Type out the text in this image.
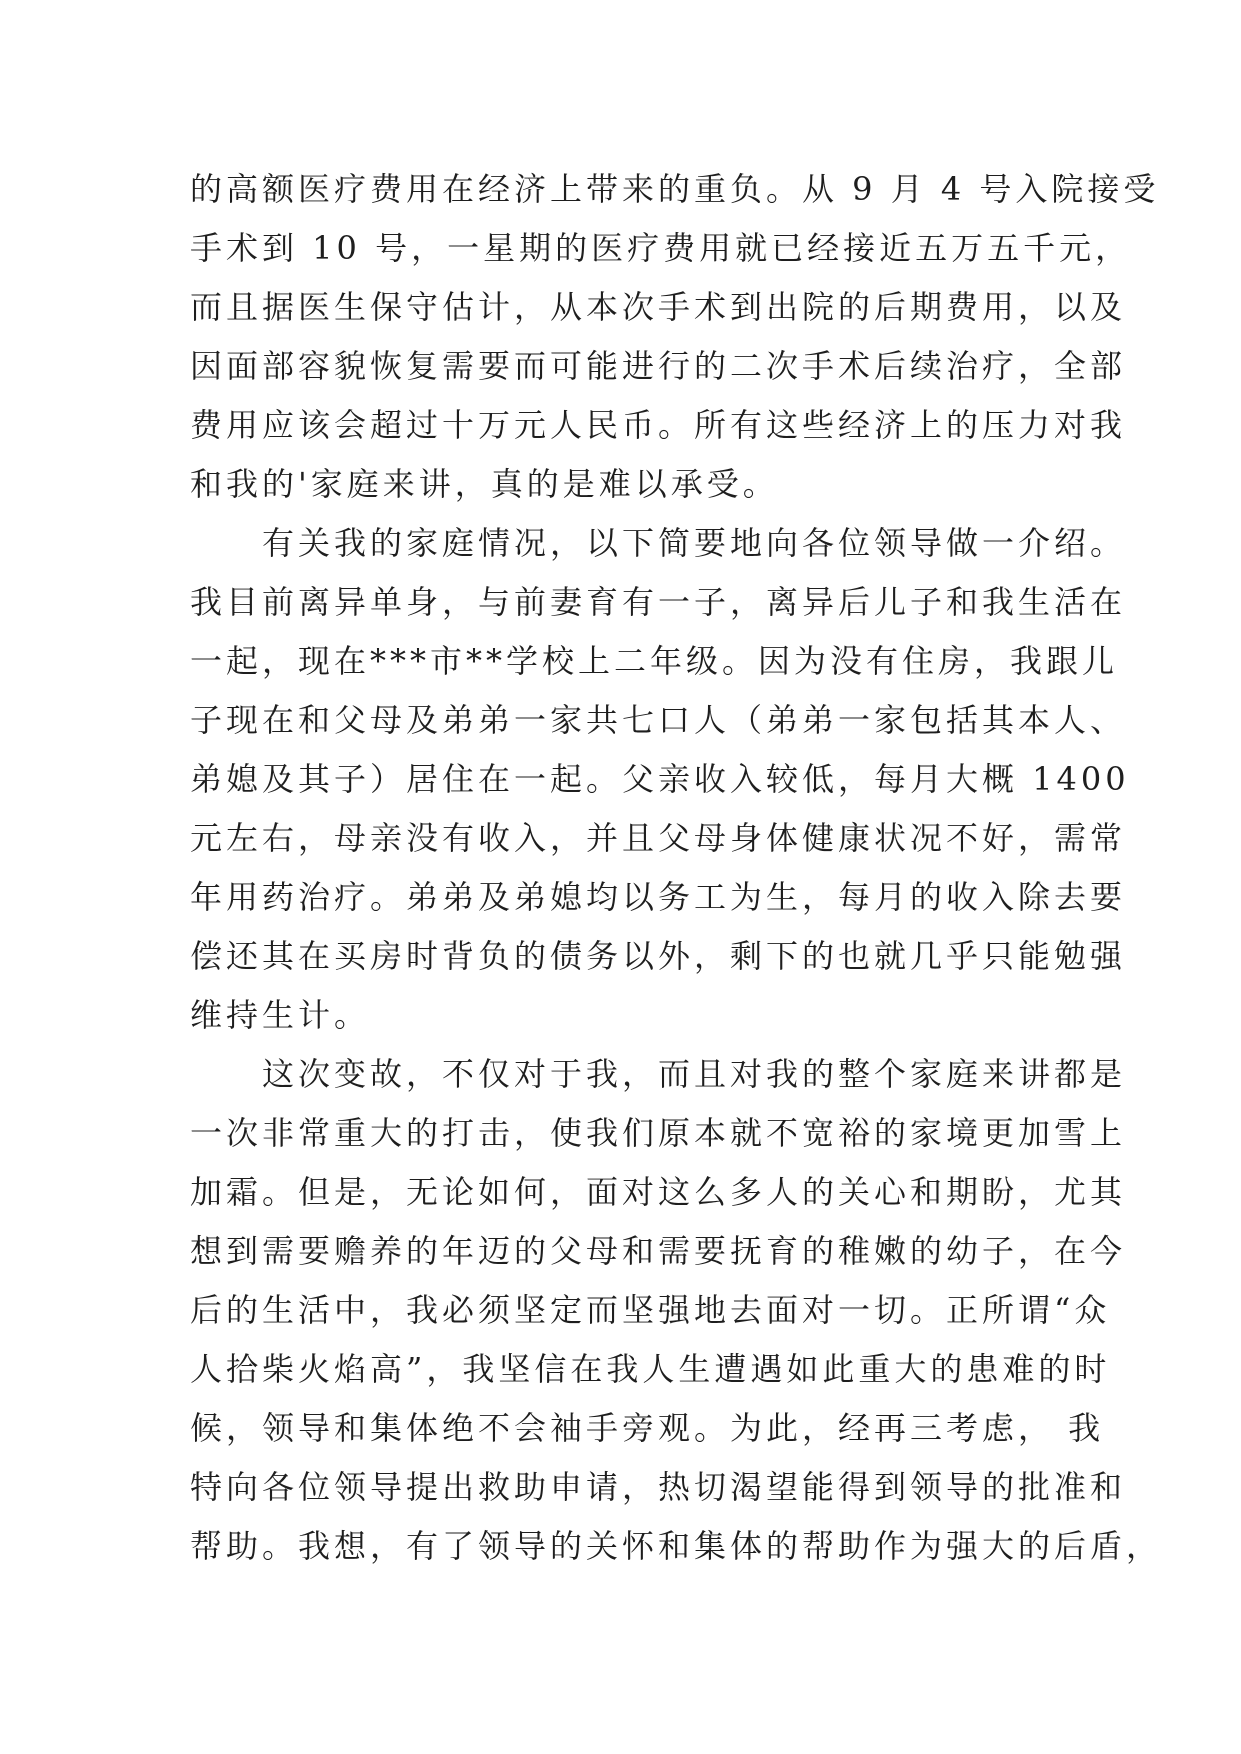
的高额医疗费用在经济上带来的重负。从 9 月 4 号入院接受
手术到 10 号，一星期的医疗费用就已经接近五万五千元，
而且据医生保守估计，从本次手术到出院的后期费用，以及
因面部容貌恢复需要而可能进行的二次手术后续治疗，全部
费用应该会超过十万元人民币。所有这些经济上的压力对我
和我的'家庭来讲，真的是难以承受。
　　有关我的家庭情况，以下简要地向各位领导做一介绍。
我目前离异单身，与前妻育有一子，离异后儿子和我生活在
一起，现在***市**学校上二年级。因为没有住房，我跟儿
子现在和父母及弟弟一家共七口人（弟弟一家包括其本人、
弟媳及其子）居住在一起。父亲收入较低，每月大概 1400
元左右，母亲没有收入，并且父母身体健康状况不好，需常
年用药治疗。弟弟及弟媳均以务工为生，每月的收入除去要
偿还其在买房时背负的债务以外，剩下的也就几乎只能勉强
维持生计。
　　这次变故，不仅对于我，而且对我的整个家庭来讲都是
一次非常重大的打击，使我们原本就不宽裕的家境更加雪上
加霜。但是，无论如何，面对这么多人的关心和期盼，尤其
想到需要赡养的年迈的父母和需要抚育的稚嫩的幼子，在今
后的生活中，我必须坚定而坚强地去面对一切。正所谓“众
人拾柴火焰高”，我坚信在我人生遭遇如此重大的患难的时
候，领导和集体绝不会袖手旁观。为此，经再三考虑， 我
特向各位领导提出救助申请，热切渴望能得到领导的批准和
帮助。我想，有了领导的关怀和集体的帮助作为强大的后盾，
